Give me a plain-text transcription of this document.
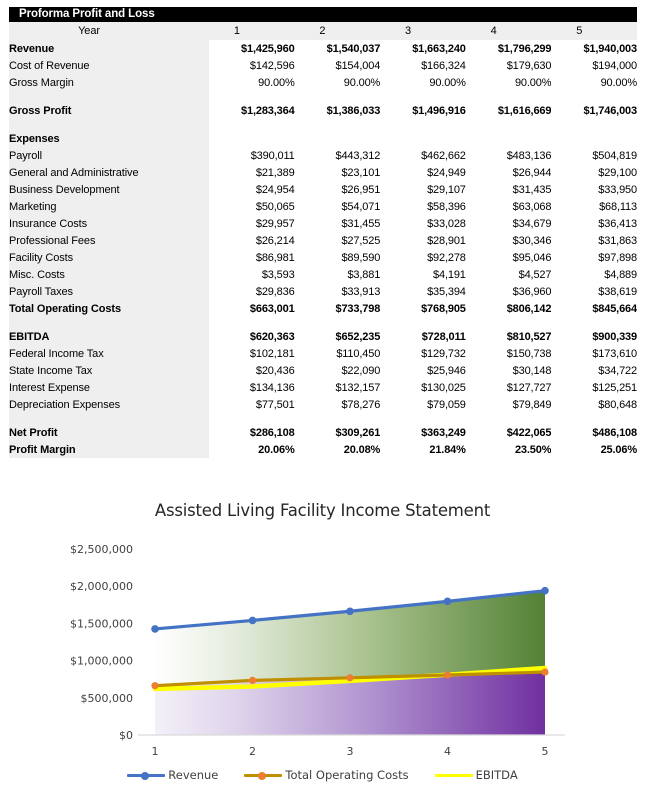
Proforma Profit and Loss
Year	1	2	3	4	5
Revenue	$1,425,960	$1,540,037	$1,663,240	$1,796,299	$1,940,003
Cost of Revenue	$142,596	$154,004	$166,324	$179,630	$194,000
Gross Margin	90.00%	90.00%	90.00%	90.00%	90.00%

Gross Profit	$1,283,364	$1,386,033	$1,496,916	$1,616,669	$1,746,003

Expenses					
Payroll	$390,011	$443,312	$462,662	$483,136	$504,819
General and Administrative	$21,389	$23,101	$24,949	$26,944	$29,100
Business Development	$24,954	$26,951	$29,107	$31,435	$33,950
Marketing	$50,065	$54,071	$58,396	$63,068	$68,113
Insurance Costs	$29,957	$31,455	$33,028	$34,679	$36,413
Professional Fees	$26,214	$27,525	$28,901	$30,346	$31,863
Facility Costs	$86,981	$89,590	$92,278	$95,046	$97,898
Misc. Costs	$3,593	$3,881	$4,191	$4,527	$4,889
Payroll Taxes	$29,836	$33,913	$35,394	$36,960	$38,619
Total Operating Costs	$663,001	$733,798	$768,905	$806,142	$845,664

EBITDA	$620,363	$652,235	$728,011	$810,527	$900,339
Federal Income Tax	$102,181	$110,450	$129,732	$150,738	$173,610
State Income Tax	$20,436	$22,090	$25,946	$30,148	$34,722
Interest Expense	$134,136	$132,157	$130,025	$127,727	$125,251
Depreciation Expenses	$77,501	$78,276	$79,059	$79,849	$80,648

Net Profit	$286,108	$309,261	$363,249	$422,065	$486,108
Profit Margin	20.06%	20.08%	21.84%	23.50%	25.06%
Assisted Living Facility Income Statement
$0
$500,000
$1,000,000
$1,500,000
$2,000,000
$2,500,000
1	2	3	4	5
Revenue	Total Operating Costs	EBITDA
